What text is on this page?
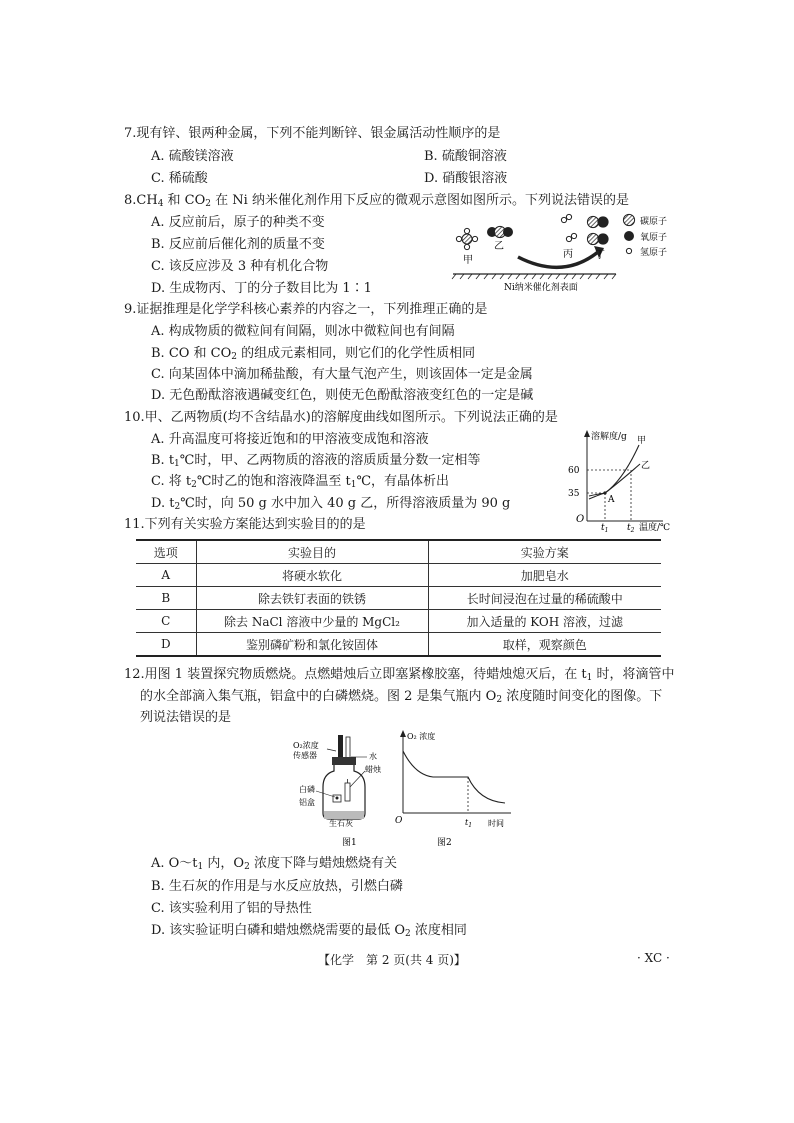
7.现有锌、银两种金属，下列不能判断锌、银金属活动性顺序的是
A. 硫酸镁溶液	B. 硫酸铜溶液
C. 稀硫酸	D. 硝酸银溶液
$8.CH_4$ 和 $CO_2$ 在 Ni 纳米催化剂作用下反应的微观示意图如图所示。下列说法错误的是
A. 反应前后，原子的种类不变
B. 反应前后催化剂的质量不变
C. 该反应涉及 3 种有机化合物
D. 生成物丙、丁的分子数目比为 1∶1
甲
乙
丙 丁
碳原子
氧原子
氢原子
Ni纳米催化剂表面
9.证据推理是化学学科核心素养的内容之一，下列推理正确的是
A. 构成物质的微粒间有间隔，则冰中微粒间也有间隔
B. CO 和 $CO_2$ 的组成元素相同，则它们的化学性质相同
C. 向某固体中滴加稀盐酸，有大量气泡产生，则该固体一定是金属
D. 无色酚酞溶液遇碱变红色，则使无色酚酞溶液变红色的一定是碱
10.甲、乙两物质(均不含结晶水)的溶解度曲线如图所示。下列说法正确的是
A. 升高温度可将接近饱和的甲溶液变成饱和溶液
B. $t_1℃$时，甲、乙两物质的溶液的溶质质量分数一定相等
C. 将 $t_2℃$时乙的饱和溶液降温至 $t_1℃$，有晶体析出
D. $t_2℃$时，向 50 g 水中加入 40 g 乙，所得溶液质量为 90 g
溶解度/g 甲
乙
O
60
35
A
$t_1$ $t_2$ 温度/℃
11.下列有关实验方案能达到实验目的的是
选项	实验目的	实验方案
A	将硬水软化	加肥皂水
B	除去铁钉表面的铁锈	长时间浸泡在过量的稀硫酸中
C	除去 NaCl 溶液中少量的 MgCl₂	加入适量的 KOH 溶液，过滤
D	鉴别磷矿粉和氯化铵固体	取样，观察颜色
12.用图 1 装置探究物质燃烧。点燃蜡烛后立即塞紧橡胶塞，待蜡烛熄灭后，在 $t_1$ 时，将滴管中
的水全部滴入集气瓶，铝盒中的白磷燃烧。图 2 是集气瓶内 $O_2$ 浓度随时间变化的图像。下
列说法错误的是
O₂浓度
传感器	水
蜡烛
白磷
铝盒
生石灰
图1
O₂ 浓度
O	$t_1$ 时间
图2
A. $O\sim t_1$ 内，$O_2$ 浓度下降与蜡烛燃烧有关
B. 生石灰的作用是与水反应放热，引燃白磷
C. 该实验利用了铝的导热性
D. 该实验证明白磷和蜡烛燃烧需要的最低 $O_2$ 浓度相同
【化学　第 2 页(共 4 页)】	· XC ·
